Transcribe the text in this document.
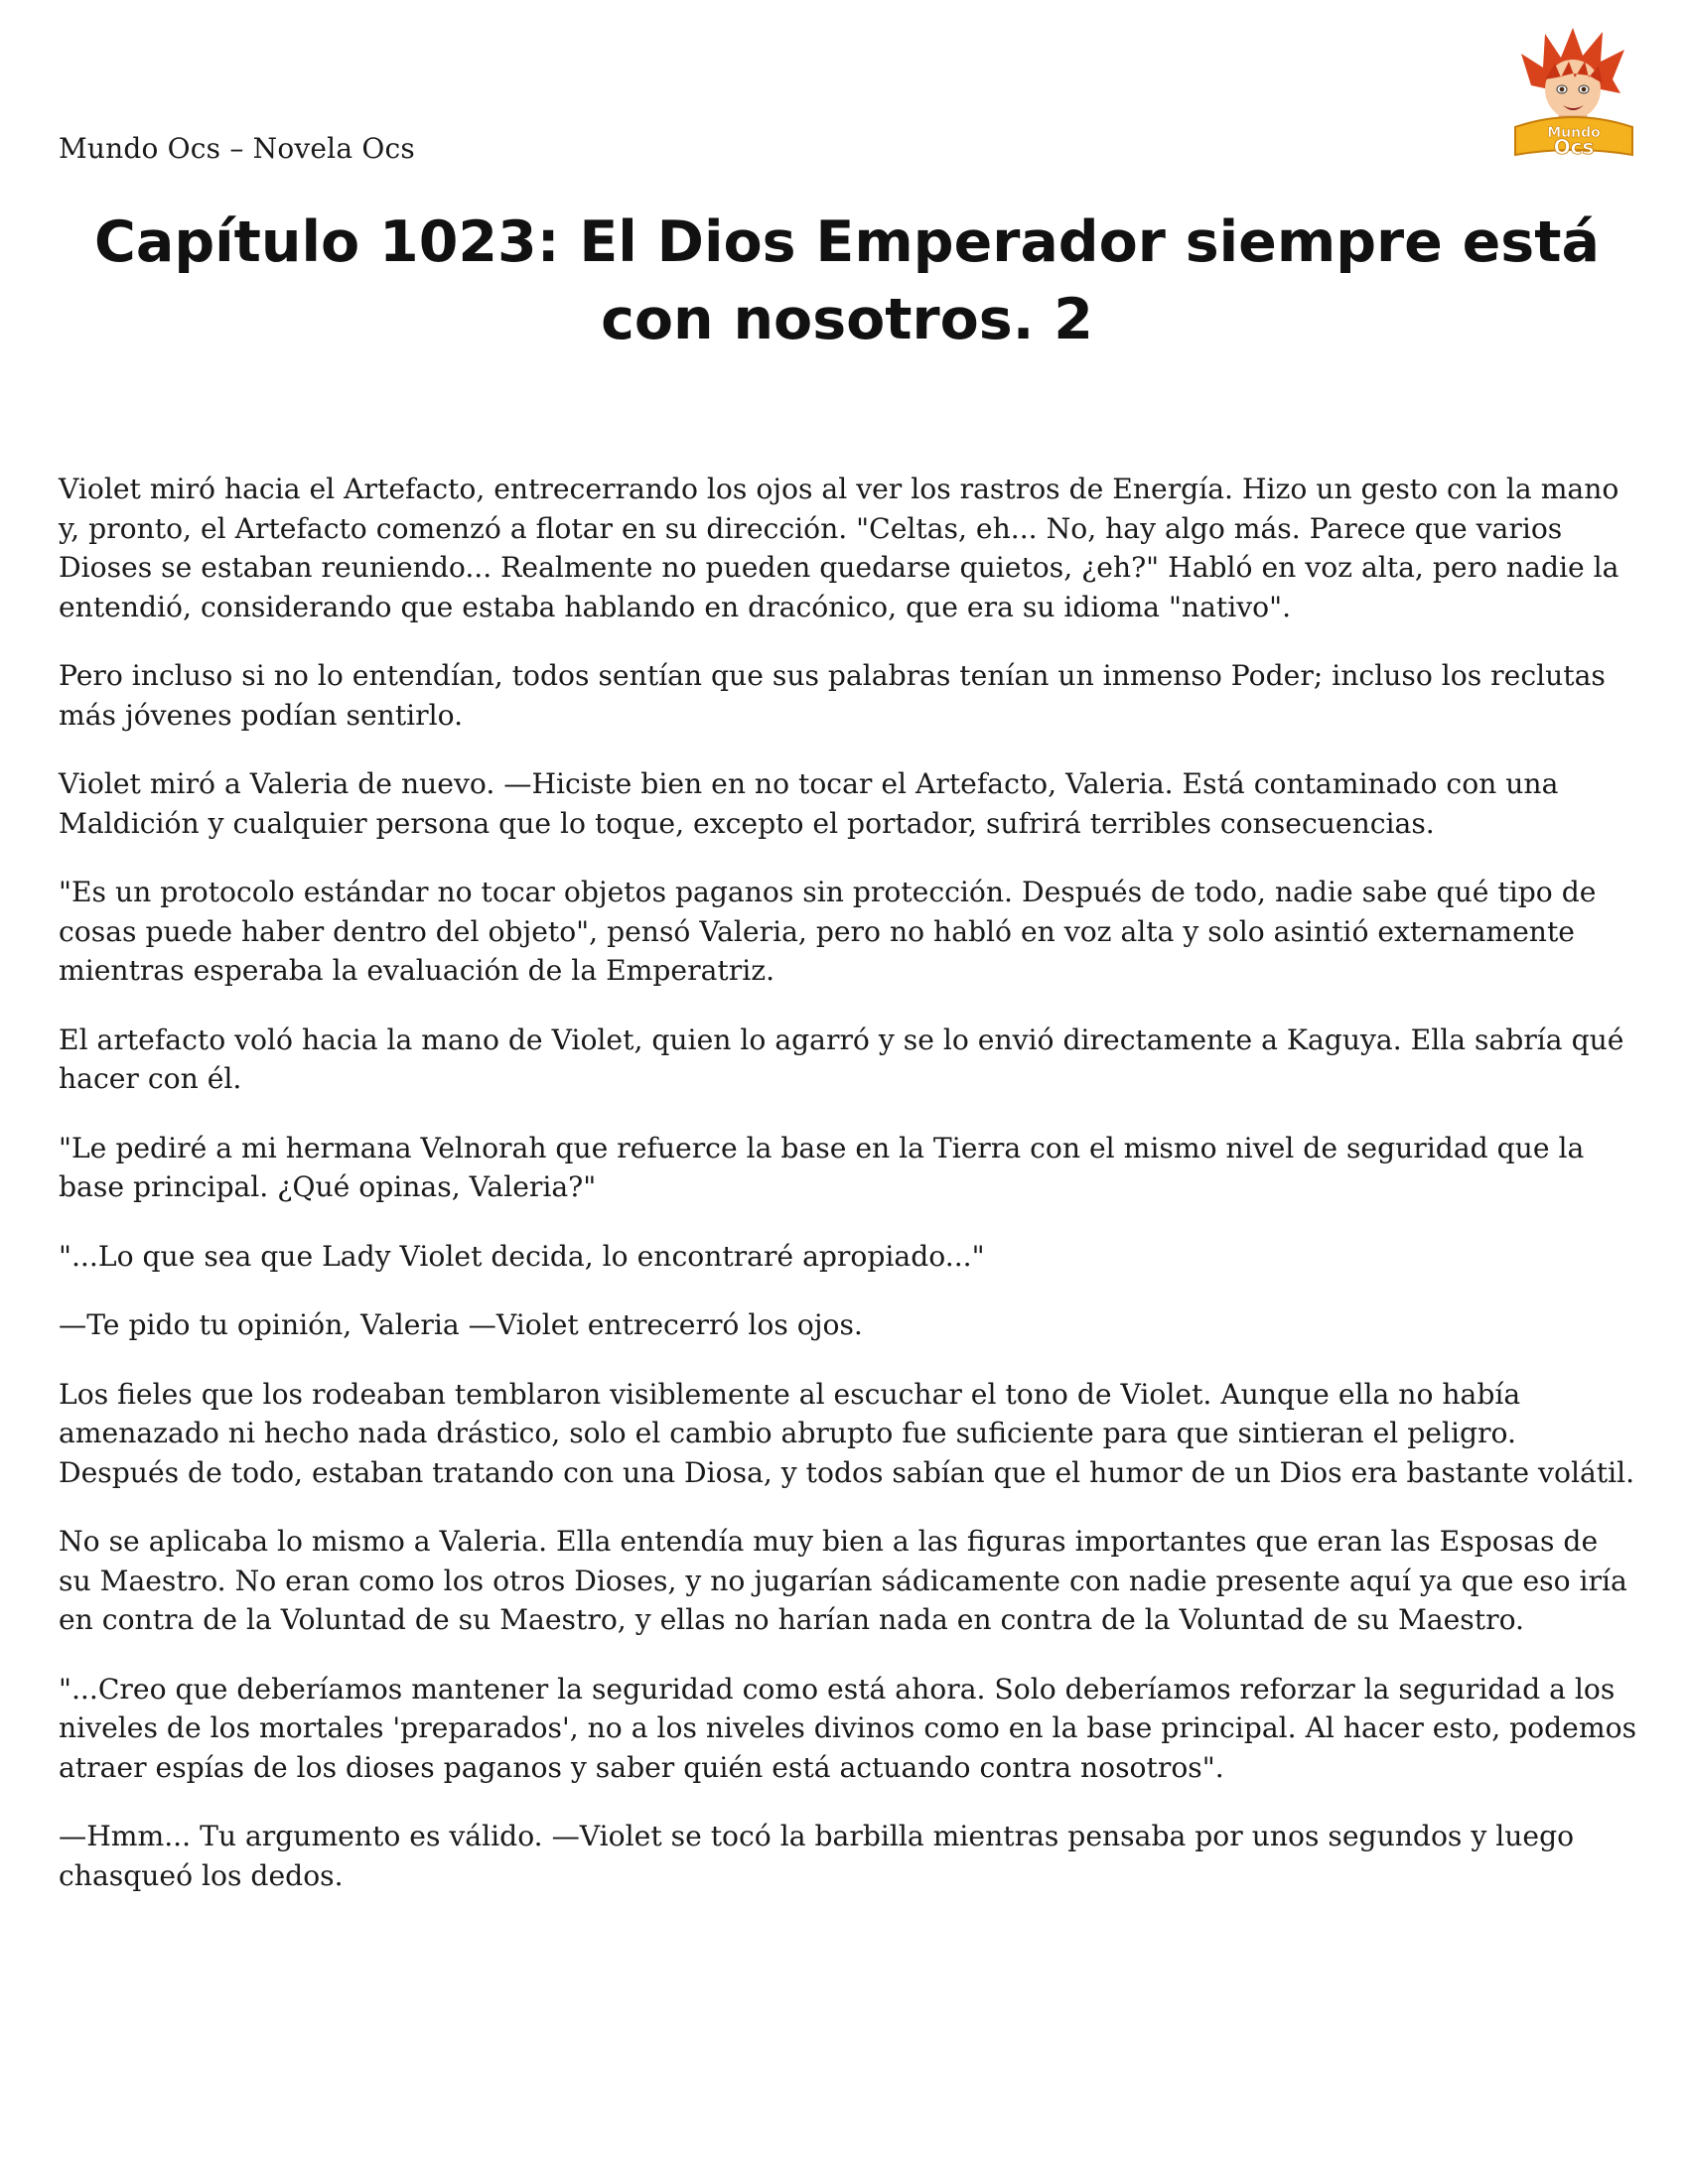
Mundo Ocs – Novela Ocs	Mundo
Ocs
Capítulo 1023: El Dios Emperador siempre está con nosotros. 2

Violet miró hacia el Artefacto, entrecerrando los ojos al ver los rastros de Energía. Hizo un gesto con la mano y, pronto, el Artefacto comenzó a flotar en su dirección. "Celtas, eh... No, hay algo más. Parece que varios Dioses se estaban reuniendo... Realmente no pueden quedarse quietos, ¿eh?" Habló en voz alta, pero nadie la entendió, considerando que estaba hablando en dracónico, que era su idioma "nativo".

Pero incluso si no lo entendían, todos sentían que sus palabras tenían un inmenso Poder; incluso los reclutas más jóvenes podían sentirlo.

Violet miró a Valeria de nuevo. —Hiciste bien en no tocar el Artefacto, Valeria. Está contaminado con una Maldición y cualquier persona que lo toque, excepto el portador, sufrirá terribles consecuencias.

"Es un protocolo estándar no tocar objetos paganos sin protección. Después de todo, nadie sabe qué tipo de cosas puede haber dentro del objeto", pensó Valeria, pero no habló en voz alta y solo asintió externamente mientras esperaba la evaluación de la Emperatriz.

El artefacto voló hacia la mano de Violet, quien lo agarró y se lo envió directamente a Kaguya. Ella sabría qué hacer con él.

"Le pediré a mi hermana Velnorah que refuerce la base en la Tierra con el mismo nivel de seguridad que la base principal. ¿Qué opinas, Valeria?"

"...Lo que sea que Lady Violet decida, lo encontraré apropiado..."

—Te pido tu opinión, Valeria —Violet entrecerró los ojos.

Los fieles que los rodeaban temblaron visiblemente al escuchar el tono de Violet. Aunque ella no había amenazado ni hecho nada drástico, solo el cambio abrupto fue suficiente para que sintieran el peligro. Después de todo, estaban tratando con una Diosa, y todos sabían que el humor de un Dios era bastante volátil.

No se aplicaba lo mismo a Valeria. Ella entendía muy bien a las figuras importantes que eran las Esposas de su Maestro. No eran como los otros Dioses, y no jugarían sádicamente con nadie presente aquí ya que eso iría en contra de la Voluntad de su Maestro, y ellas no harían nada en contra de la Voluntad de su Maestro.

"...Creo que deberíamos mantener la seguridad como está ahora. Solo deberíamos reforzar la seguridad a los niveles de los mortales 'preparados', no a los niveles divinos como en la base principal. Al hacer esto, podemos atraer espías de los dioses paganos y saber quién está actuando contra nosotros".

—Hmm... Tu argumento es válido. —Violet se tocó la barbilla mientras pensaba por unos segundos y luego chasqueó los dedos.
